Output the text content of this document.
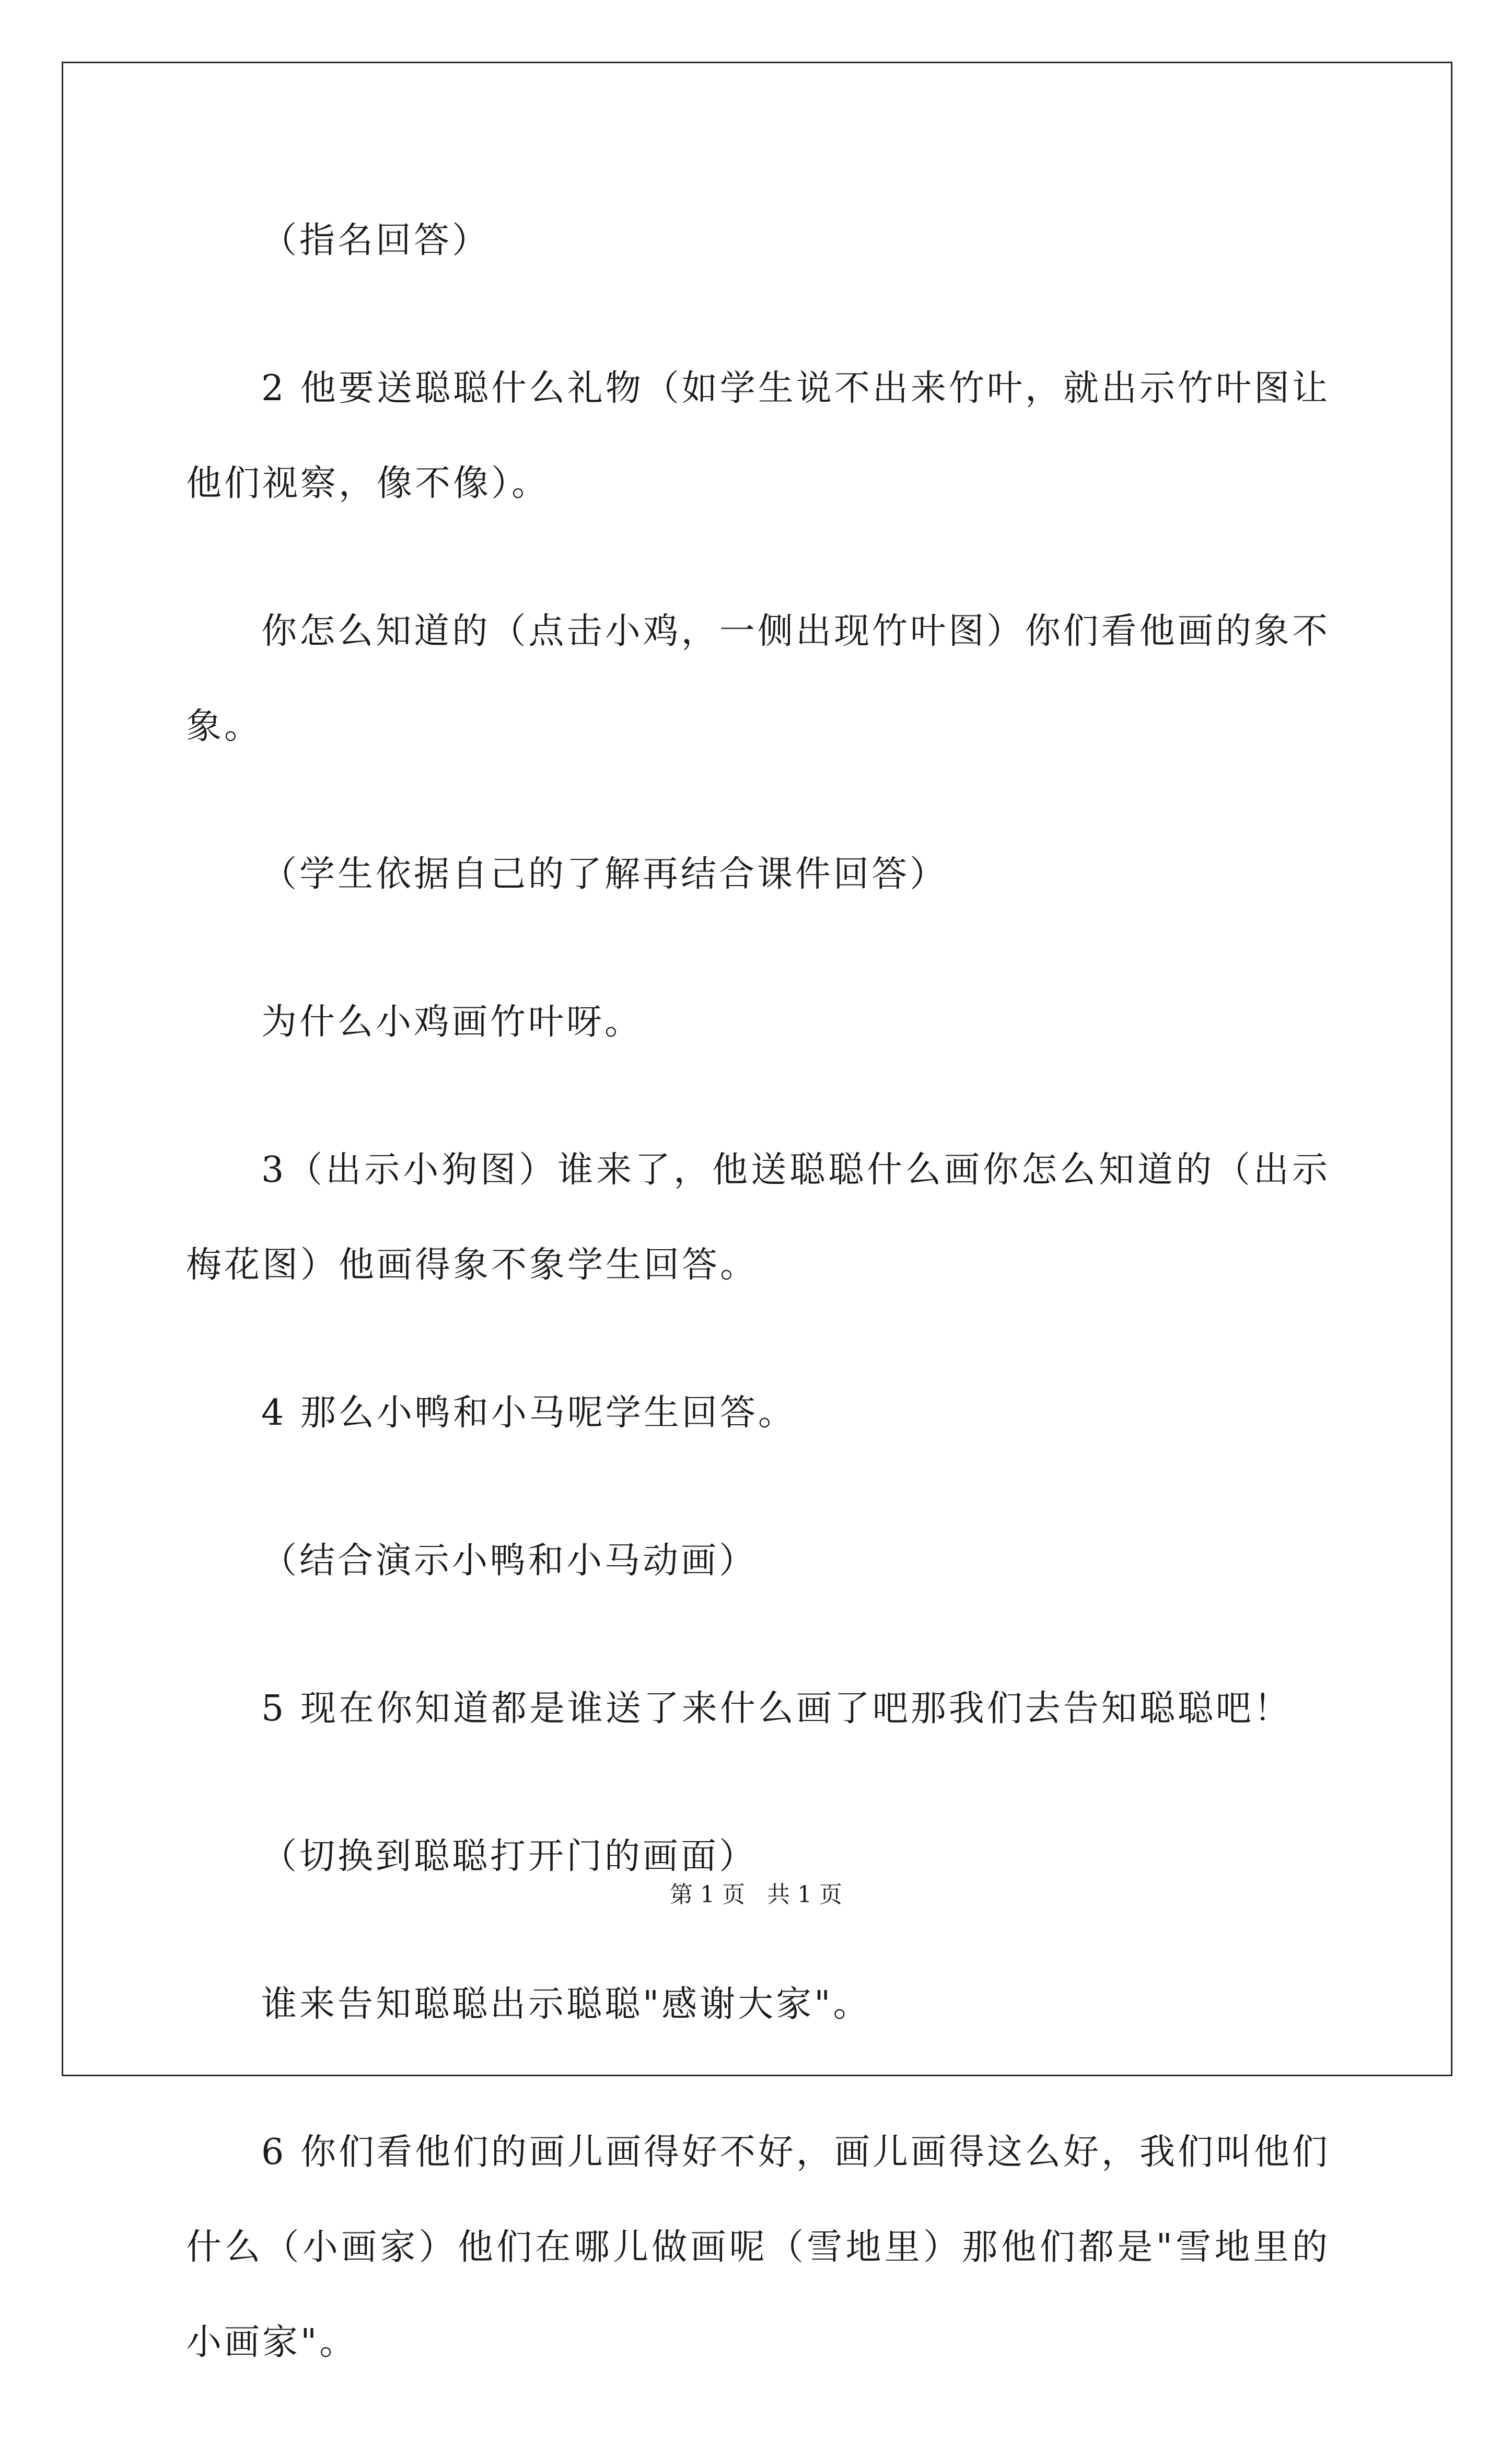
（指名回答）

2 他要送聪聪什么礼物（如学生说不出来竹叶，就出示竹叶图让他们视察，像不像）。

你怎么知道的（点击小鸡，一侧出现竹叶图）你们看他画的象不象。

（学生依据自己的了解再结合课件回答）

为什么小鸡画竹叶呀。

3（出示小狗图）谁来了，他送聪聪什么画你怎么知道的（出示梅花图）他画得象不象学生回答。

4 那么小鸭和小马呢学生回答。

（结合演示小鸭和小马动画）

5 现在你知道都是谁送了来什么画了吧那我们去告知聪聪吧！

（切换到聪聪打开门的画面）

谁来告知聪聪出示聪聪"感谢大家"。

6 你们看他们的画儿画得好不好，画儿画得这么好，我们叫他们什么（小画家）他们在哪儿做画呢（雪地里）那他们都是"雪地里的小画家"。

第 1 页 共 1 页
